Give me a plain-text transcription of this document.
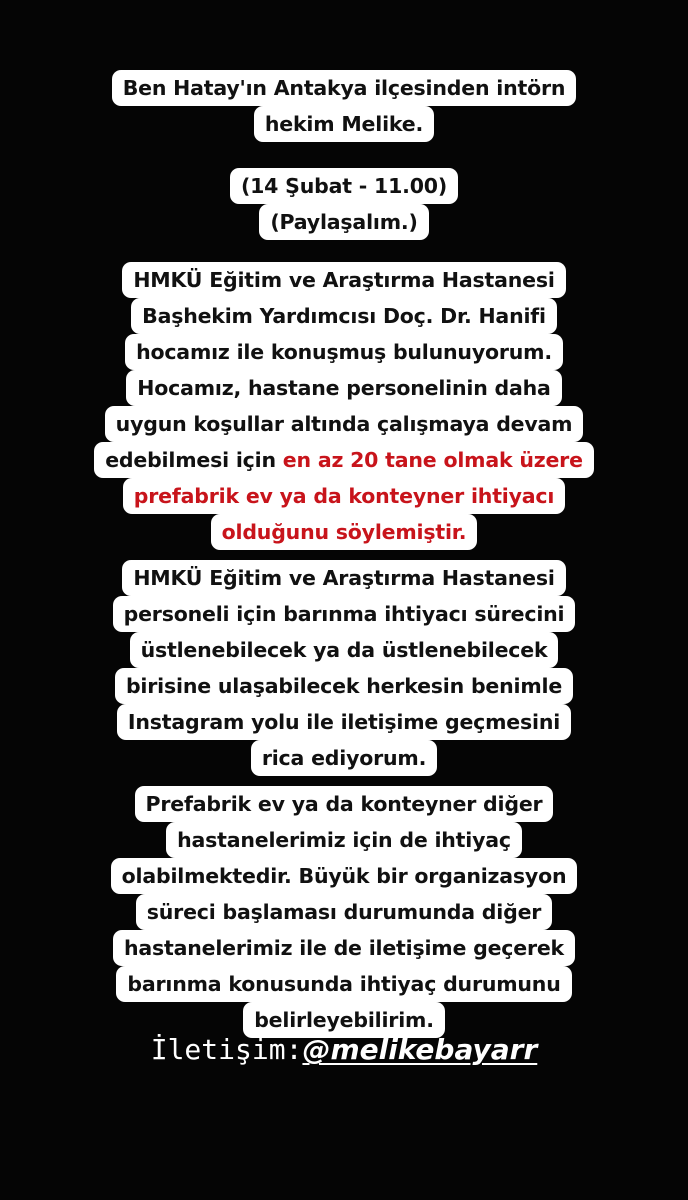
Ben Hatay'ın Antakya ilçesinden intörn
hekim Melike.
(14 Şubat - 11.00)
(Paylaşalım.)
HMKÜ Eğitim ve Araştırma Hastanesi
Başhekim Yardımcısı Doç. Dr. Hanifi
hocamız ile konuşmuş bulunuyorum.
Hocamız, hastane personelinin daha
uygun koşullar altında çalışmaya devam
edebilmesi için en az 20 tane olmak üzere
prefabrik ev ya da konteyner ihtiyacı
olduğunu söylemiştir.
HMKÜ Eğitim ve Araştırma Hastanesi
personeli için barınma ihtiyacı sürecini
üstlenebilecek ya da üstlenebilecek
birisine ulaşabilecek herkesin benimle
Instagram yolu ile iletişime geçmesini
rica ediyorum.
Prefabrik ev ya da konteyner diğer
hastanelerimiz için de ihtiyaç
olabilmektedir. Büyük bir organizasyon
süreci başlaması durumunda diğer
hastanelerimiz ile de iletişime geçerek
barınma konusunda ihtiyaç durumunu
belirleyebilirim.
İletişim:@melikebayarr
